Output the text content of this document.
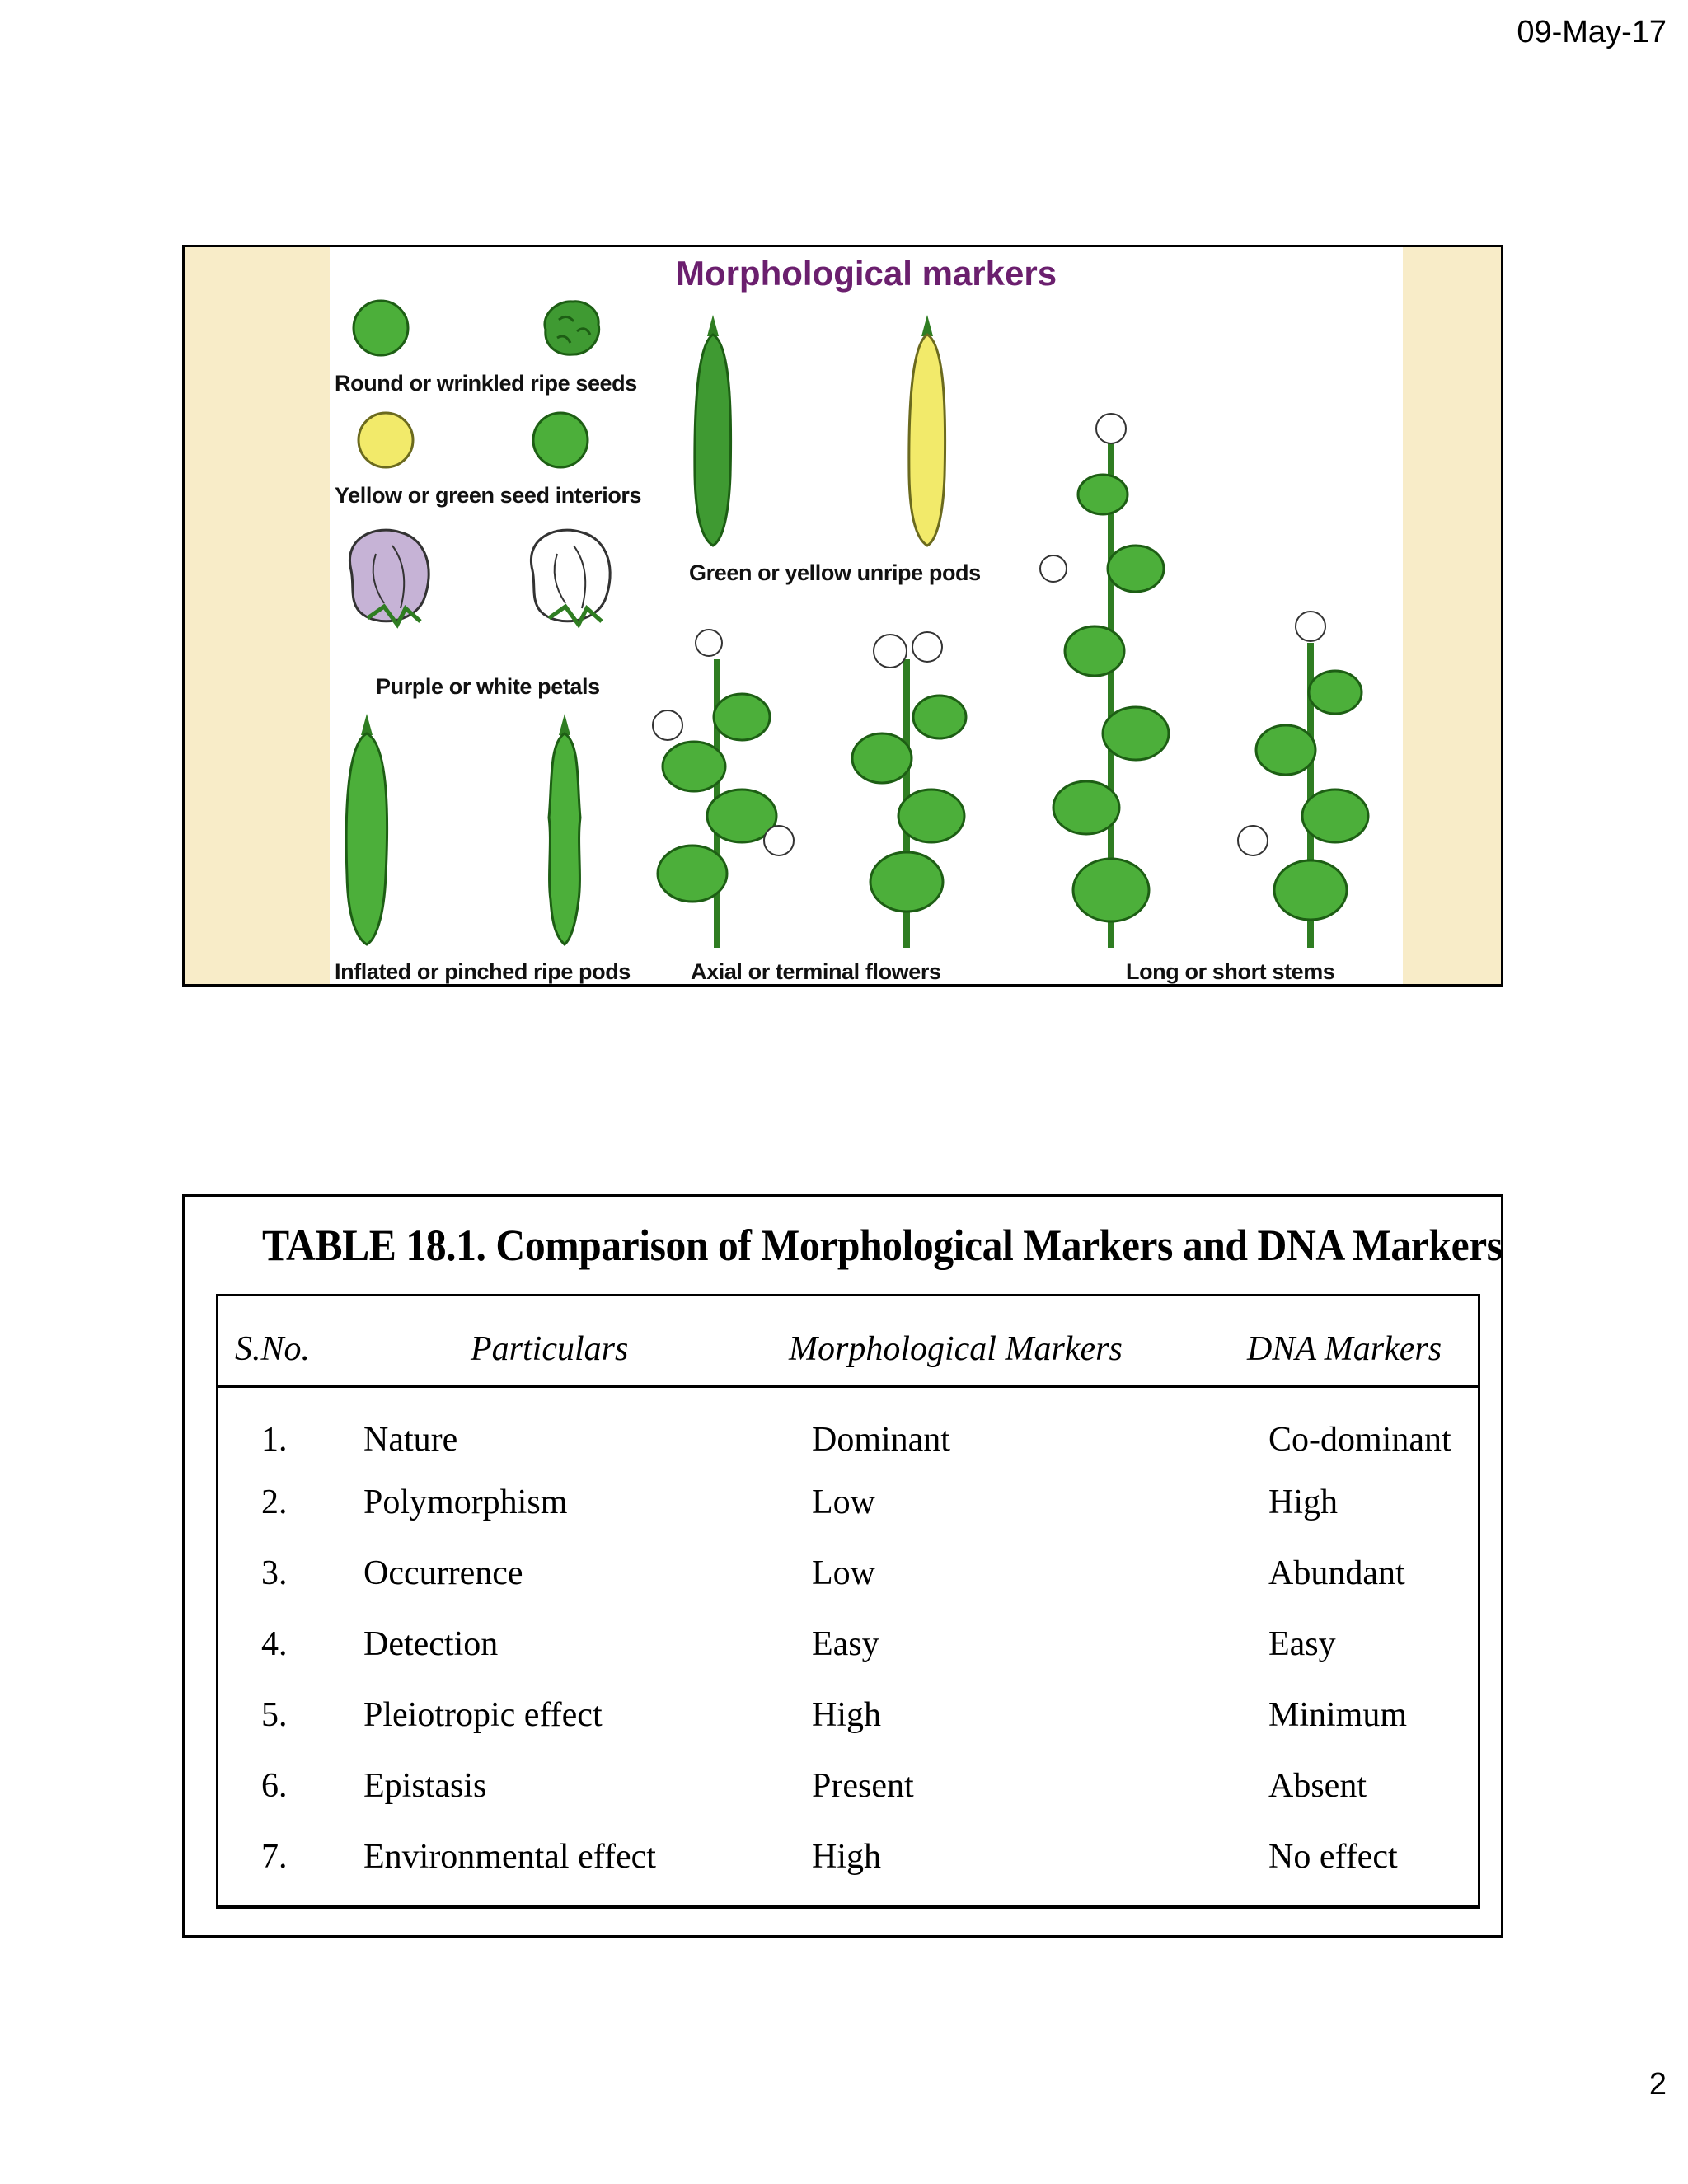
09-May-17
Morphological markers
Round or wrinkled ripe seeds
Yellow or green seed interiors
Purple or white petals
Green or yellow unripe pods
Inflated or pinched ripe pods	Axial or terminal flowers	Long or short stems
TABLE 18.1. Comparison of Morphological Markers and DNA Markers
S.No.	Particulars	Morphological Markers	DNA Markers
1. Nature	Dominant	Co-dominant
2. Polymorphism	Low	High
3. Occurrence	Low	Abundant
4. Detection	Easy	Easy
5. Pleiotropic effect	High	Minimum
6. Epistasis	Present	Absent
7. Environmental effect	High	No effect
2
